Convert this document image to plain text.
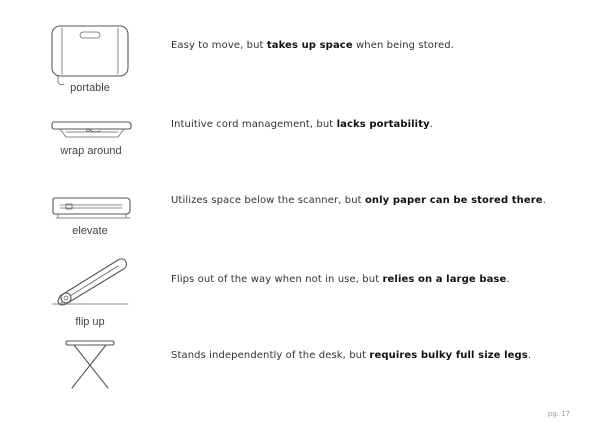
portable
Easy to move, but takes up space when being stored.
wrap around
Intuitive cord management, but lacks portability.
elevate
Utilizes space below the scanner, but only paper can be stored there.
flip up
Flips out of the way when not in use, but relies on a large base.
Stands independently of the desk, but requires bulky full size legs.
pg. 17
